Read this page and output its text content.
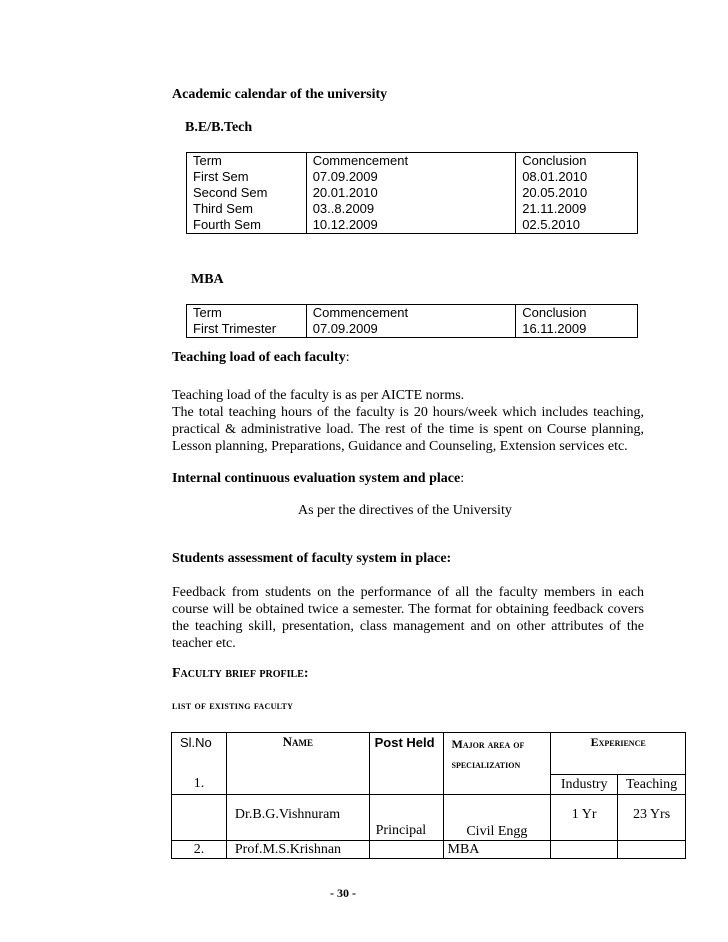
Academic calendar of the university
B.E/B.Tech
Term	Commencement	Conclusion
First Sem	07.09.2009	08.01.2010
Second Sem	20.01.2010	20.05.2010
Third Sem	03..8.2009	21.11.2009
Fourth Sem	10.12.2009	02.5.2010
MBA
Term	Commencement	Conclusion
First Trimester	07.09.2009	16.11.2009
Teaching load of each faculty:
Teaching load of the faculty is as per AICTE norms.
The total teaching hours of the faculty is 20 hours/week which includes teaching, practical & administrative load. The rest of the time is spent on Course planning, Lesson planning, Preparations, Guidance and Counseling, Extension services etc.
Internal continuous evaluation system and place:
As per the directives of the University
Students assessment of faculty system in place:
Feedback from students on the performance of all the faculty members in each course will be obtained twice a semester. The format for obtaining feedback covers the teaching skill, presentation, class management and on other attributes of the teacher etc.
Faculty brief profile:
list of existing faculty
Sl.No	Name	Post Held	Major area of specialization	Experience	

1.				Industry	Teaching
	Dr.B.G.Vishnuram	Principal	Civil Engg	1 Yr	23 Yrs
2.	Prof.M.S.Krishnan		MBA		
- 30 -
